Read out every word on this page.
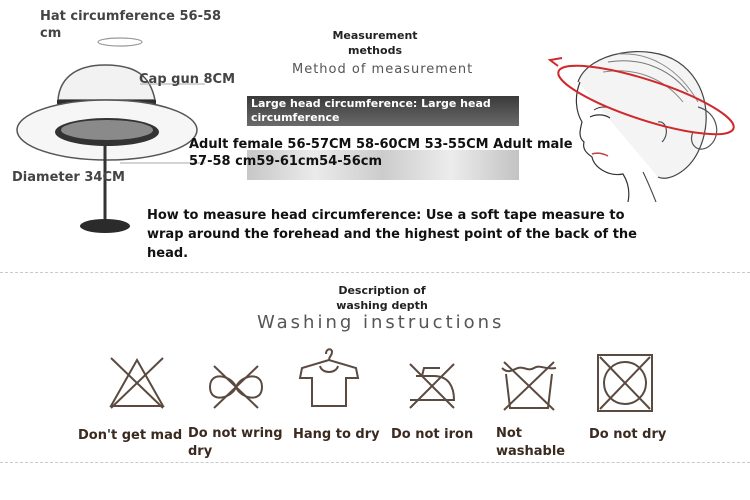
Hat circumference 56-58 cm
Cap gun 8CM
Diameter 34CM
Measurement methods
Method of measurement
Large head circumference: Large head circumference
Adult female 56-57CM 58-60CM 53-55CM Adult male 57-58 cm59-61cm54-56cm
How to measure head circumference: Use a soft tape measure to wrap around the forehead and the highest point of the back of the head.
Description of washing depth
Washing instructions
Don't get mad Do not wring dry
Hang to dry Do not iron	Not washable
Do not dry
